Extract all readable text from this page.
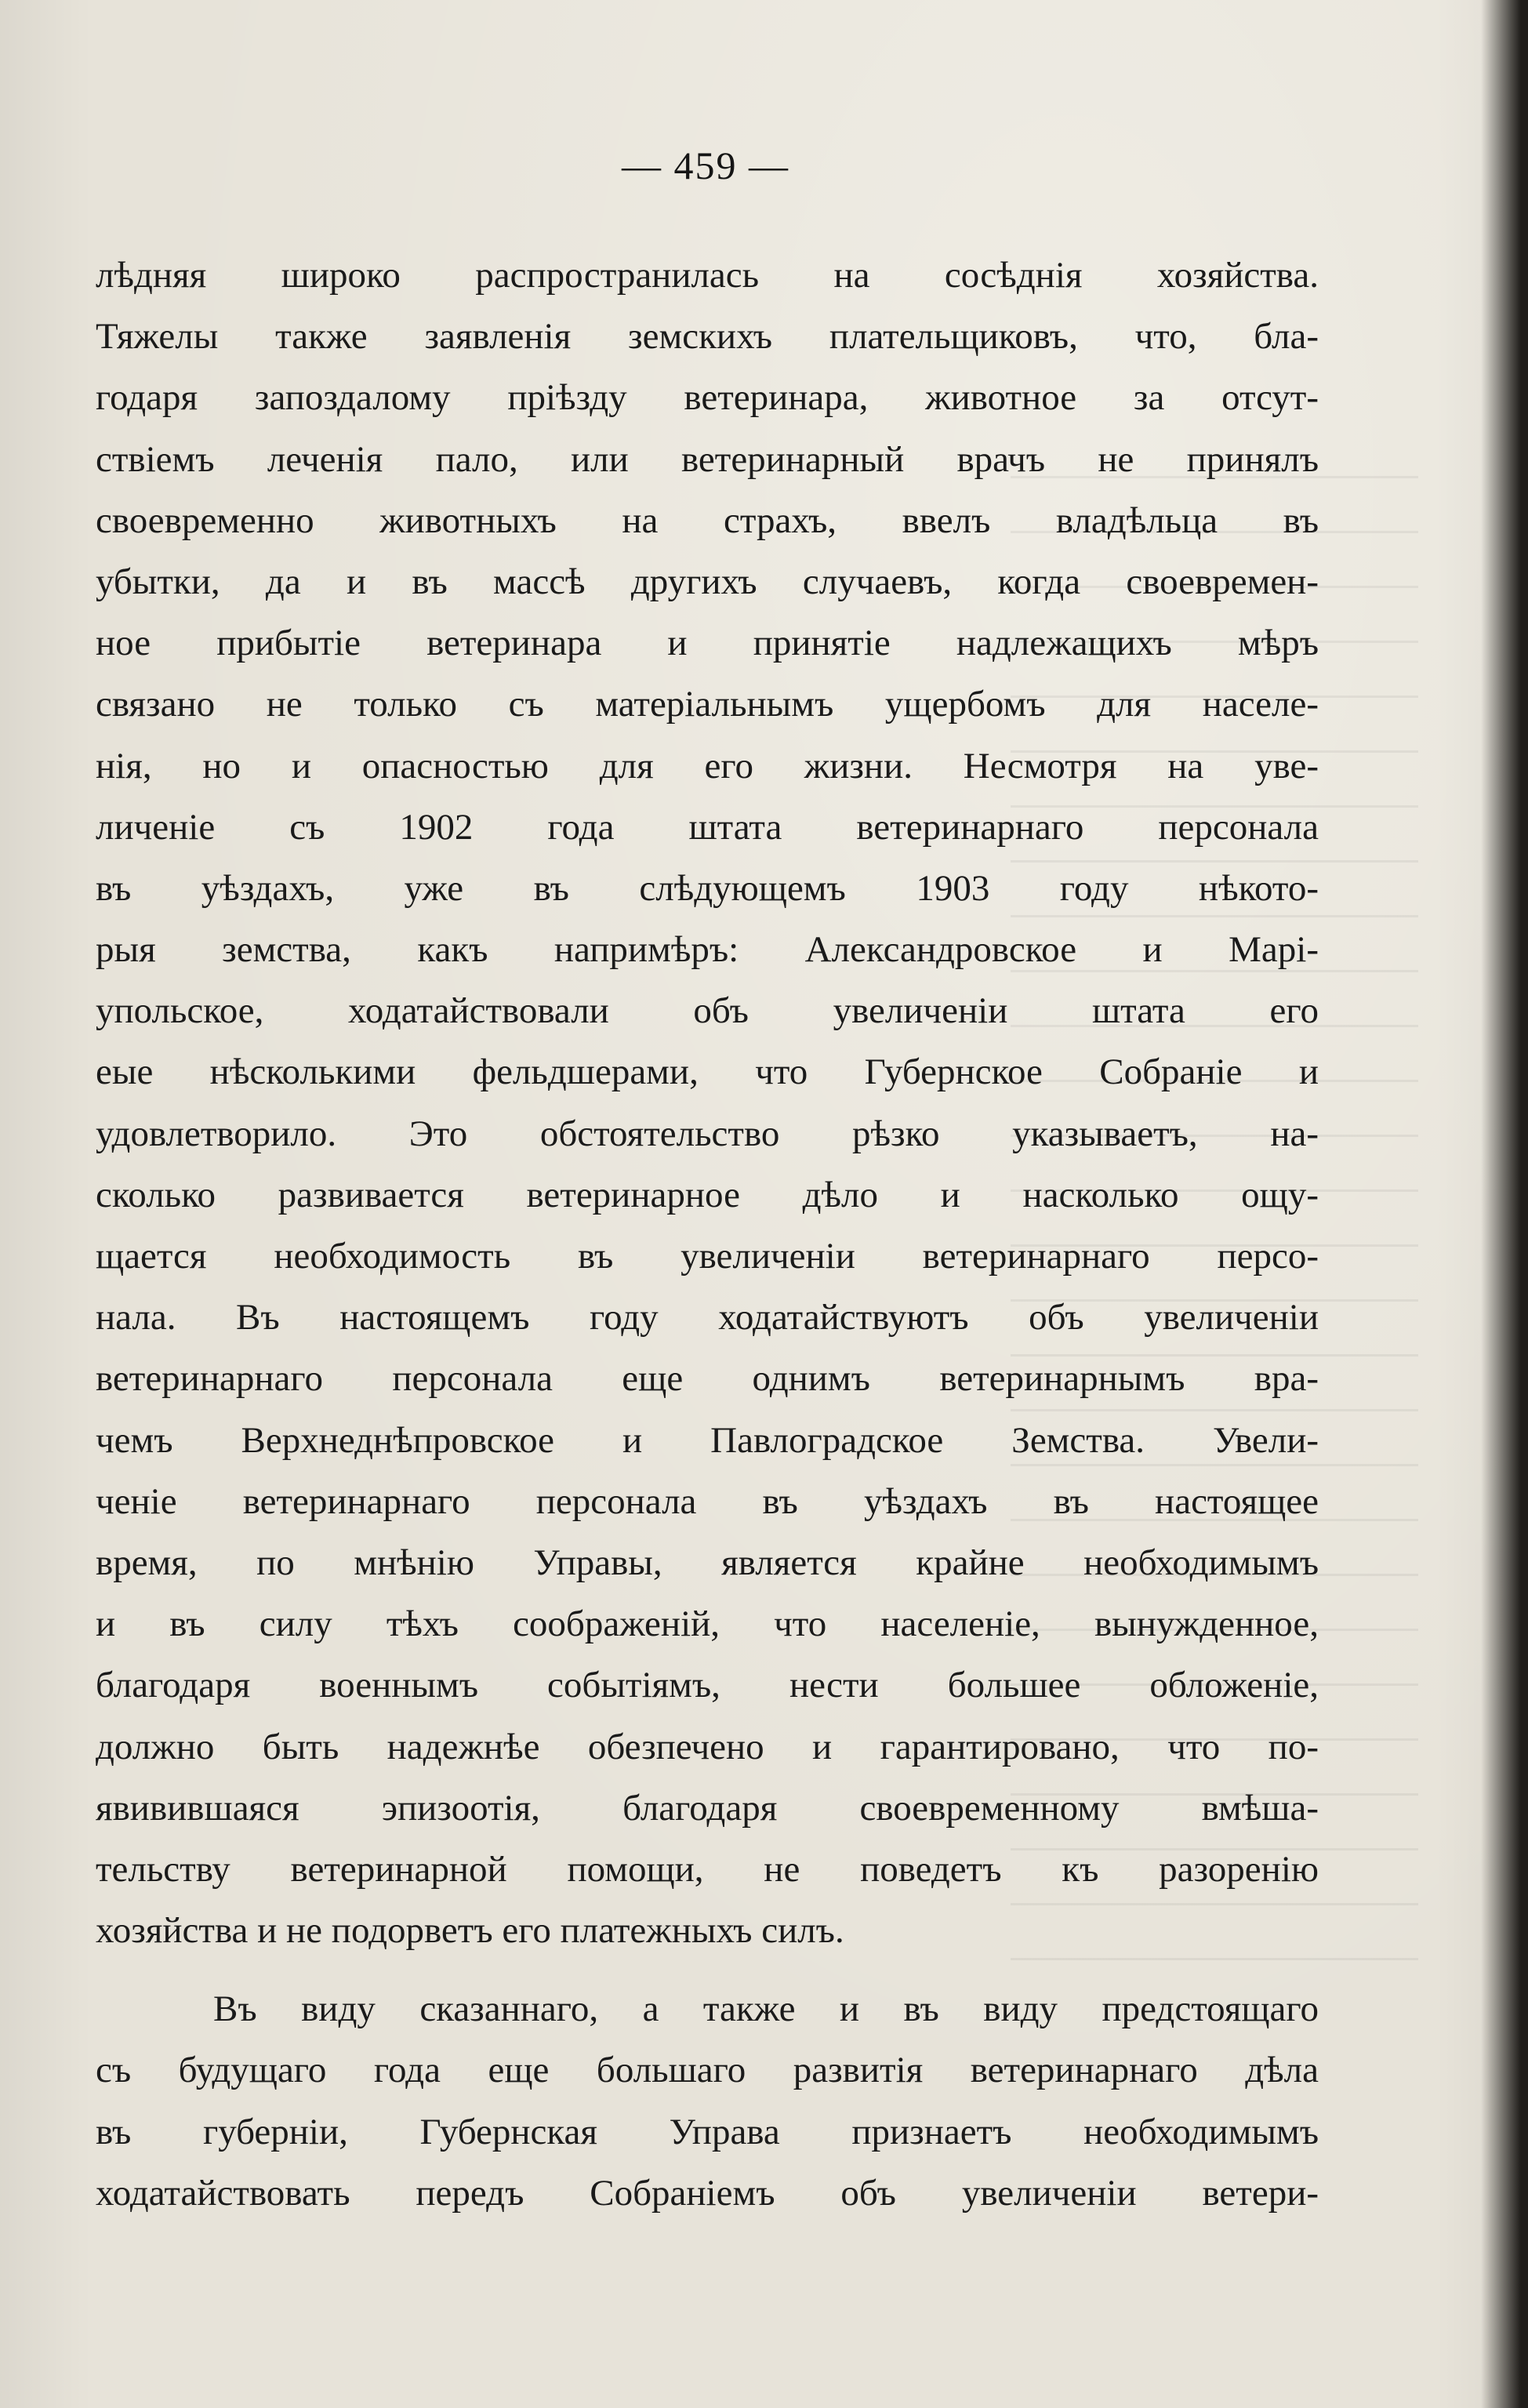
— 459 —
лѣдняя широко распространилась на сосѣднія хозяйства.
Тяжелы также заявленія земскихъ плательщиковъ, что, бла-
годаря запоздалому пріѣзду ветеринара, животное за отсут-
ствіемъ леченія пало, или ветеринарный врачъ не принялъ
своевременно животныхъ на страхъ, ввелъ владѣльца въ
убытки, да и въ массѣ другихъ случаевъ, когда своевремен-
ное прибытіе ветеринара и принятіе надлежащихъ мѣръ
связано не только съ матеріальнымъ ущербомъ для населе-
нія, но и опасностью для его жизни. Несмотря на уве-
личеніе съ 1902 года штата ветеринарнаго персонала
въ уѣздахъ, уже въ слѣдующемъ 1903 году нѣкото-
рыя земства, какъ напримѣръ: Александровское и Марі-
упольское, ходатайствовали объ увеличеніи штата его
еые нѣсколькими фельдшерами, что Губернское Собраніе и
удовлетворило. Это обстоятельство рѣзко указываетъ, на-
сколько развивается ветеринарное дѣло и насколько ощу-
щается необходимость въ увеличеніи ветеринарнаго персо-
нала. Въ настоящемъ году ходатайствуютъ объ увеличеніи
ветеринарнаго персонала еще однимъ ветеринарнымъ вра-
чемъ Верхнеднѣпровское и Павлоградское Земства. Увели-
ченіе ветеринарнаго персонала въ уѣздахъ въ настоящее
время, по мнѣнію Управы, является крайне необходимымъ
и въ силу тѣхъ соображеній, что населеніе, вынужденное,
благодаря военнымъ событіямъ, нести большее обложеніе,
должно быть надежнѣе обезпечено и гарантировано, что по-
явивившаяся эпизоотія, благодаря своевременному вмѣша-
тельству ветеринарной помощи, не поведетъ къ разоренію
хозяйства и не подорветъ его платежныхъ силъ.
Въ виду сказаннаго, а также и въ виду предстоящаго
съ будущаго года еще большаго развитія ветеринарнаго дѣла
въ губерніи, Губернская Управа признаетъ необходимымъ
ходатайствовать передъ Собраніемъ объ увеличеніи ветери-
